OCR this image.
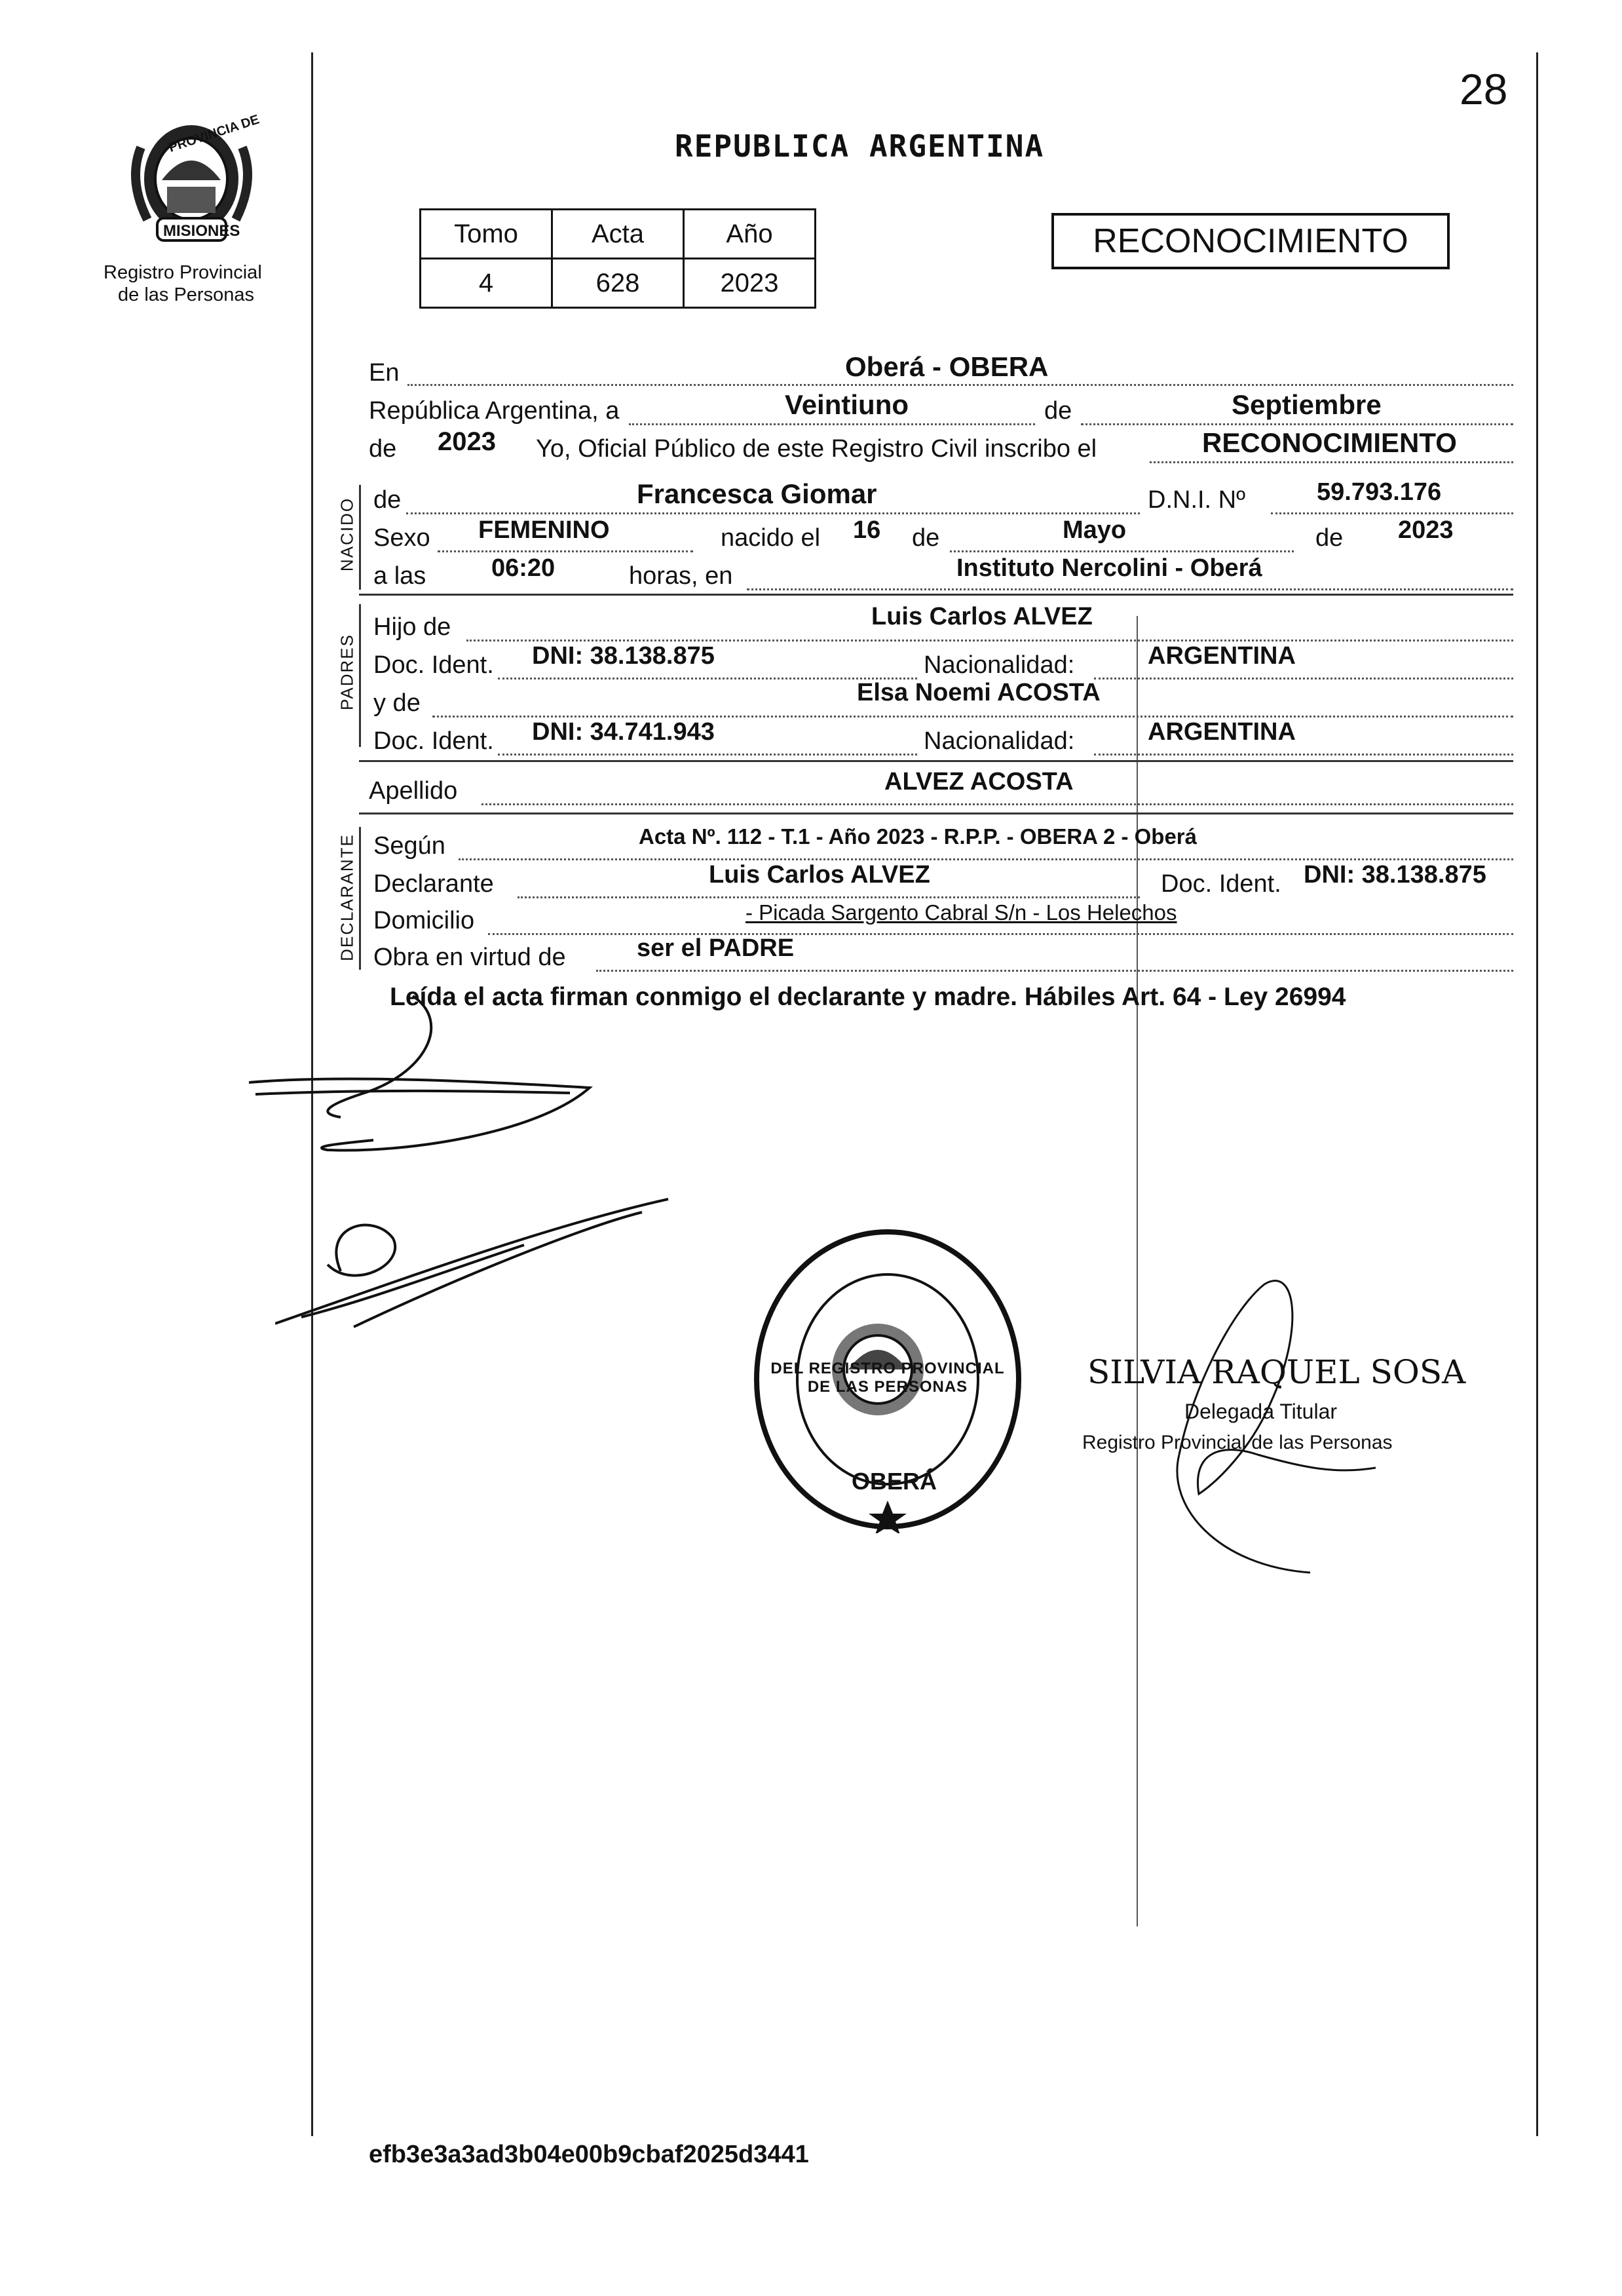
28
PROVINCIA DE
MISIONES
Registro Provincial
de las Personas
REPUBLICA ARGENTINA
Tomo	Acta	Año
4	628	2023
RECONOCIMIENTO
En	Oberá - OBERA
República Argentina, a	Veintiuno	de	Septiembre
de 2023 Yo, Oficial Público de este Registro Civil inscribo el	RECONOCIMIENTO
NACIDO de	Francesca Giomar	D.N.I. Nº	59.793.176
Sexo FEMENINO	nacido el 16 de	Mayo	de 2023
a las	06:20	horas, en	Instituto Nercolini - Oberá
PADRES
Hijo de	Luis Carlos ALVEZ
Doc. Ident. DNI: 38.138.875	Nacionalidad:	ARGENTINA
y de	Elsa Noemi ACOSTA
Doc. Ident. DNI: 34.741.943	Nacionalidad:	ARGENTINA
Apellido	ALVEZ ACOSTA
DECLARANTE Según	Acta Nº. 112 - T.1 - Año 2023 - R.P.P. - OBERA 2 - Oberá
Declarante	Luis Carlos ALVEZ	Doc. Ident. DNI: 38.138.875
Domicilio	- Picada Sargento Cabral S/n - Los Helechos
Obra en virtud de	ser el PADRE
Leída el acta firman conmigo el declarante y madre. Hábiles Art. 64 - Ley 26994
DEL REGISTRO PROVINCIAL DE LAS PERSONAS
OBERÁ
SILVIA RAQUEL SOSA
Delegada Titular
Registro Provincial de las Personas
efb3e3a3ad3b04e00b9cbaf2025d3441
